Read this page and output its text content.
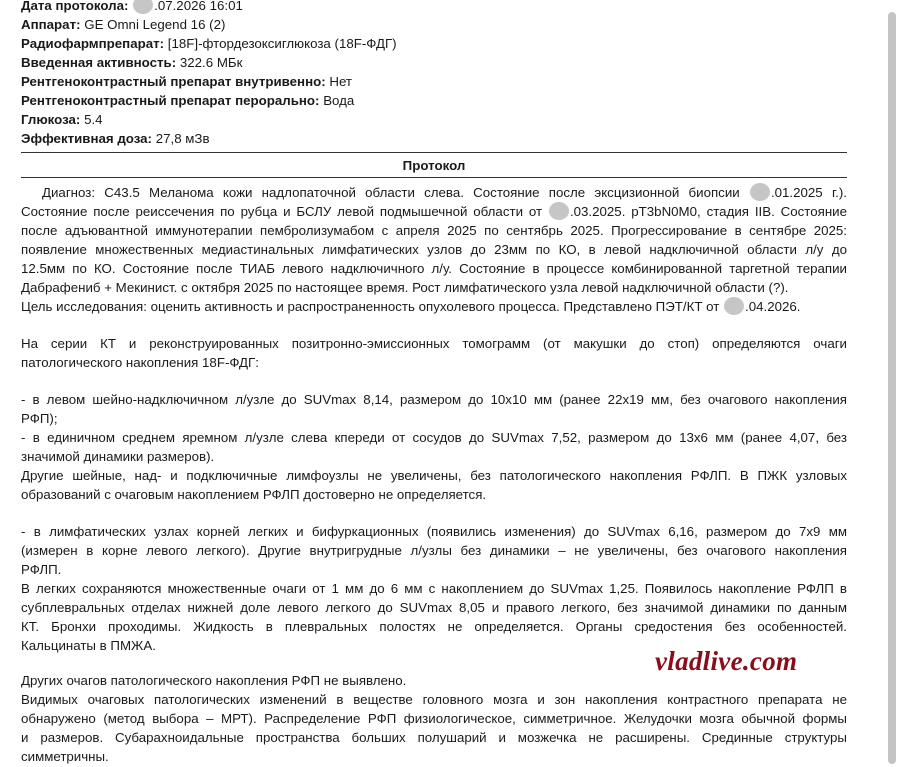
Дата протокола: .07.2026 16:01
Аппарат: GE Omni Legend 16 (2)
Радиофармпрепарат: [18F]-фтордезоксиглюкоза (18F-ФДГ)
Введенная активность: 322.6 МБк
Рентгеноконтрастный препарат внутривенно: Нет
Рентгеноконтрастный препарат перорально: Вода
Глюкоза: 5.4
Эффективная доза: 27,8 мЗв
Протокол
Диагноз: C43.5 Меланома кожи надлопаточной области слева. Состояние после эксцизионной биопсии .01.2025 г.).
Состояние после реиссечения по рубца и БСЛУ левой подмышечной области от .03.2025. pT3bN0M0, стадия IIB. Состояние
после адъювантной иммунотерапии пембролизумабом с апреля 2025 по сентябрь 2025. Прогрессирование в сентябре 2025:
появление множественных медиастинальных лимфатических узлов до 23мм по КО, в левой надключичной области л/у до
12.5мм по КО. Состояние после ТИАБ левого надключичного л/у. Состояние в процессе комбинированной таргетной терапии
Дабрафениб + Мекинист. с октября 2025 по настоящее время. Рост лимфатического узла левой надключичной области (?).
Цель исследования: оценить активность и распространенность опухолевого процесса. Представлено ПЭТ/КТ от .04.2026.
На серии КТ и реконструированных позитронно-эмиссионных томограмм (от макушки до стоп) определяются очаги
патологического накопления 18F-ФДГ:
- в левом шейно-надключичном л/узле до SUVmax 8,14, размером до 10х10 мм (ранее 22х19 мм, без очагового накопления
РФП);
- в единичном среднем яремном л/узле слева кпереди от сосудов до SUVmax 7,52, размером до 13х6 мм (ранее 4,07, без
значимой динамики размеров).
Другие шейные, над- и подключичные лимфоузлы не увеличены, без патологического накопления РФЛП. В ПЖК узловых
образований с очаговым накоплением РФЛП достоверно не определяется.
- в лимфатических узлах корней легких и бифуркационных (появились изменения) до SUVmax 6,16, размером до 7х9 мм
(измерен в корне левого легкого). Другие внутригрудные л/узлы без динамики – не увеличены, без очагового накопления
РФЛП.
В легких сохраняются множественные очаги от 1 мм до 6 мм с накоплением до SUVmax 1,25. Появилось накопление РФЛП в
субплевральных отделах нижней доле левого легкого до SUVmax 8,05 и правого легкого, без значимой динамики по данным
КТ. Бронхи проходимы. Жидкость в плевральных полостях не определяется. Органы средостения без особенностей.
Кальцинаты в ПМЖА.
Других очагов патологического накопления РФП не выявлено.
Видимых очаговых патологических изменений в веществе головного мозга и зон накопления контрастного препарата не
обнаружено (метод выбора – МРТ). Распределение РФП физиологическое, симметричное. Желудочки мозга обычной формы
и размеров. Субарахноидальные пространства больших полушарий и мозжечка не расширены. Срединные структуры
симметричны.
vladlive.com
